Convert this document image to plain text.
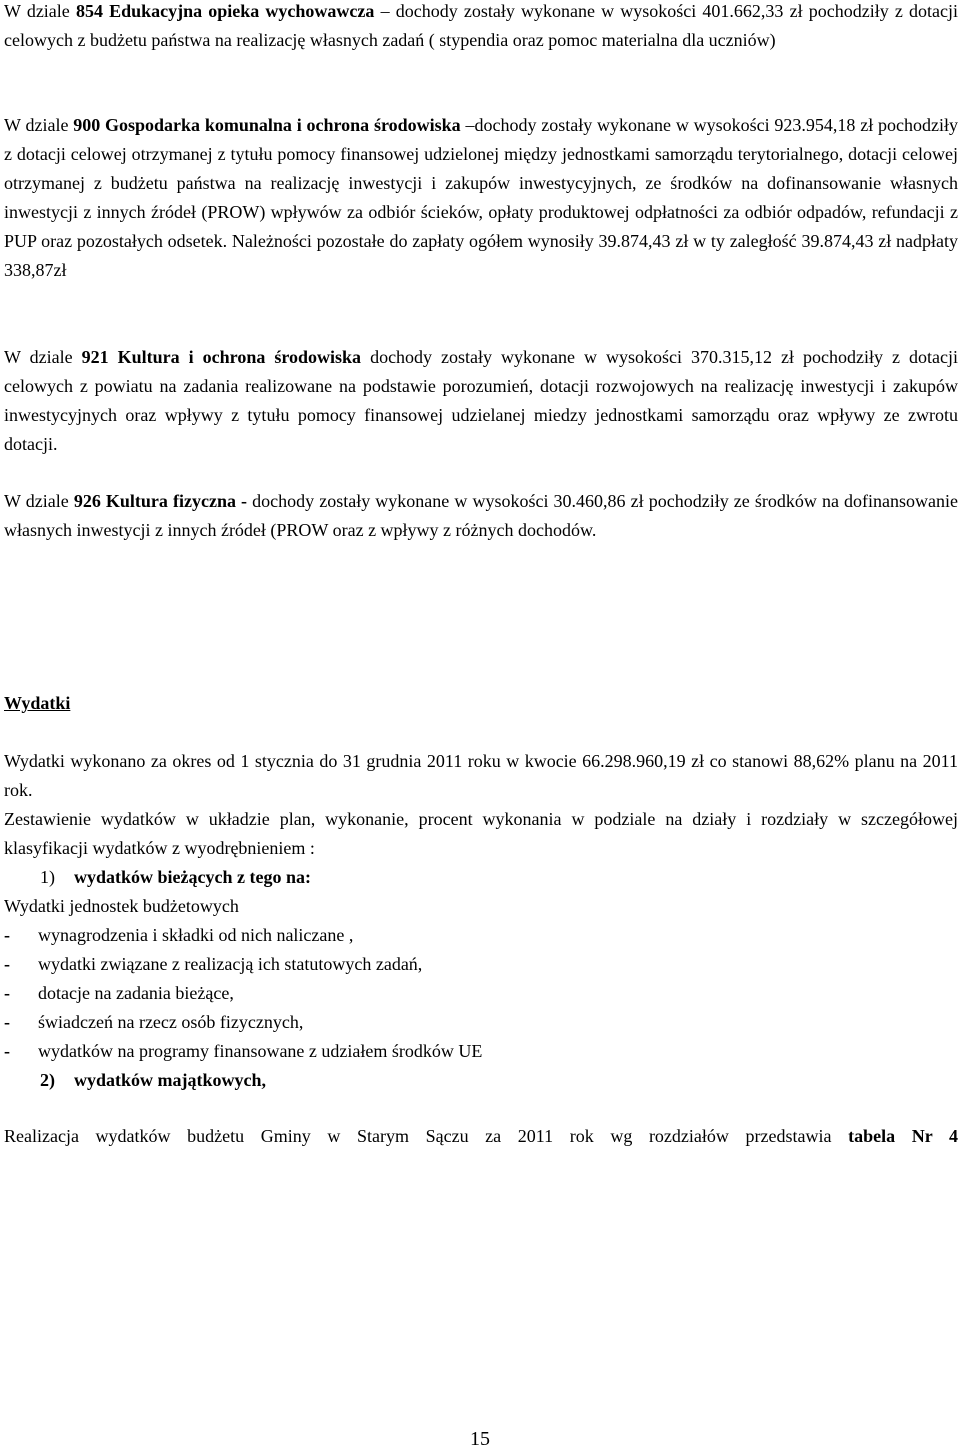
W dziale 854 Edukacyjna opieka wychowawcza – dochody zostały wykonane w wysokości 401.662,33 zł pochodziły z dotacji celowych z budżetu państwa na realizację własnych zadań ( stypendia oraz pomoc materialna dla uczniów)

W dziale 900 Gospodarka komunalna i ochrona środowiska –dochody zostały wykonane w wysokości 923.954,18 zł pochodziły z dotacji celowej otrzymanej z tytułu pomocy finansowej udzielonej między jednostkami samorządu terytorialnego, dotacji celowej otrzymanej z budżetu państwa na realizację inwestycji i zakupów inwestycyjnych, ze środków na dofinansowanie własnych inwestycji z innych źródeł (PROW) wpływów za odbiór ścieków, opłaty produktowej odpłatności za odbiór odpadów, refundacji z PUP oraz pozostałych odsetek. Należności pozostałe do zapłaty ogółem wynosiły 39.874,43 zł w ty zaległość 39.874,43 zł nadpłaty 338,87zł

W dziale 921 Kultura i ochrona środowiska dochody zostały wykonane w wysokości 370.315,12 zł pochodziły z dotacji celowych z powiatu na zadania realizowane na podstawie porozumień, dotacji rozwojowych na realizację inwestycji i zakupów inwestycyjnych oraz wpływy z tytułu pomocy finansowej udzielanej miedzy jednostkami samorządu oraz wpływy ze zwrotu dotacji.

W dziale 926 Kultura fizyczna - dochody zostały wykonane w wysokości 30.460,86 zł pochodziły ze środków na dofinansowanie własnych inwestycji z innych źródeł (PROW oraz z wpływy z różnych dochodów.

Wydatki

Wydatki wykonano za okres od 1 stycznia do 31 grudnia 2011 roku w kwocie 66.298.960,19 zł co stanowi 88,62% planu na 2011 rok.

Zestawienie wydatków w układzie plan, wykonanie, procent wykonania w podziale na działy i rozdziały w szczegółowej klasyfikacji wydatków z wyodrębnieniem :

1) wydatków bieżących z tego na:
Wydatki jednostek budżetowych
- wynagrodzenia i składki od nich naliczane ,
- wydatki związane z realizacją ich statutowych zadań,
- dotacje na zadania bieżące,
- świadczeń na rzecz osób fizycznych,
- wydatków na programy finansowane z udziałem środków UE
2) wydatków majątkowych,
Realizacja wydatków budżetu Gminy w Starym Sączu za 2011 rok wg rozdziałów przedstawia tabela Nr 4
15
